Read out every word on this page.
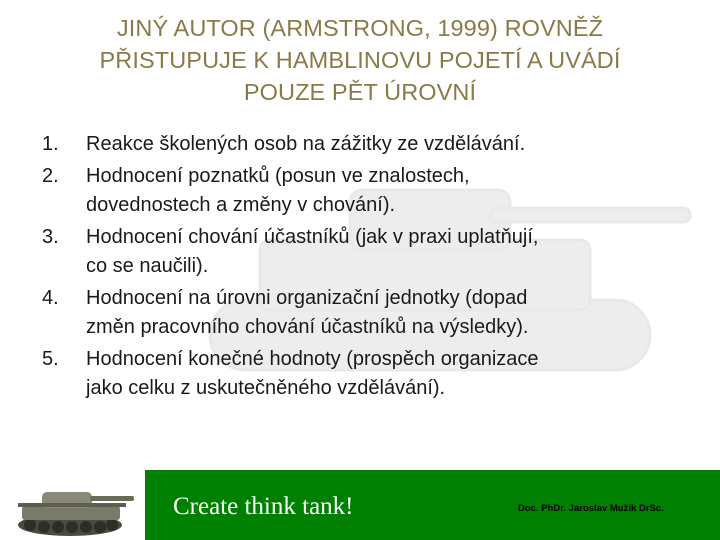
JINÝ AUTOR (ARMSTRONG, 1999) ROVNĚŽ
PŘISTUPUJE K HAMBLINOVU POJETÍ A UVÁDÍ
POUZE PĚT ÚROVNÍ
1. Reakce školených osob na zážitky ze vzdělávání.
2. Hodnocení poznatků (posun ve znalostech,
dovednostech a změny v chování).
3. Hodnocení chování účastníků (jak v praxi uplatňují,
co se naučili).
4. Hodnocení na úrovni organizační jednotky (dopad
změn pracovního chování účastníků na výsledky).
5. Hodnocení konečné hodnoty (prospěch organizace
jako celku z uskutečněného vzdělávání).
Create think tank!	Doc. PhDr. Jaroslav Mužík DrSc.
